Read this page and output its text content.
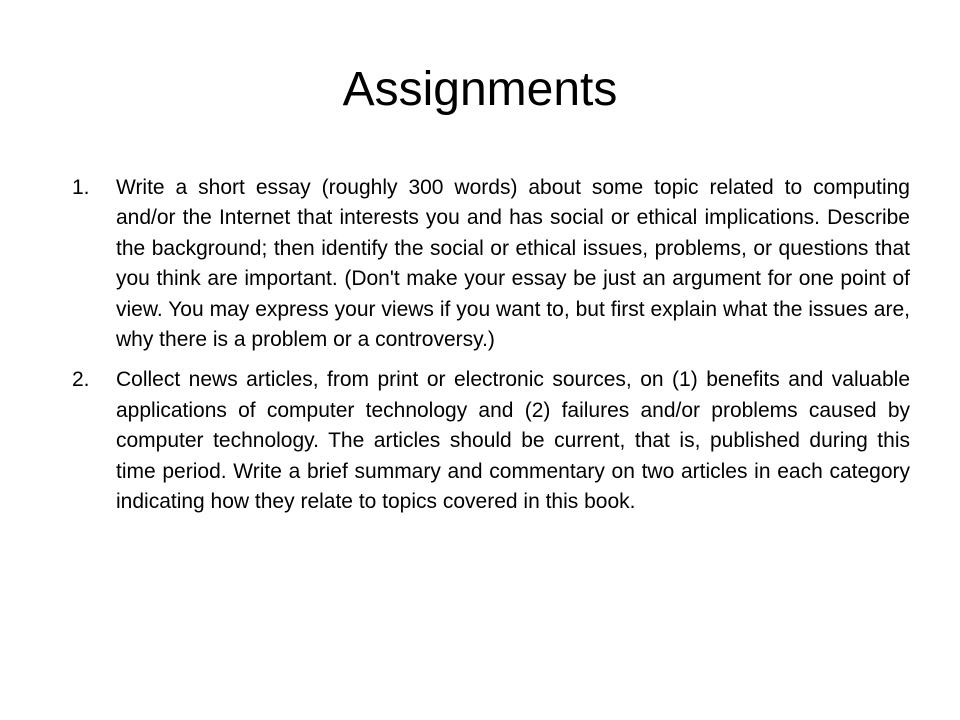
Assignments
1.	Write a short essay (roughly 300 words) about some topic related to computing and/or the Internet that interests you and has social or ethical implications. Describe the background; then identify the social or ethical issues, problems, or questions that you think are important. (Don't make your essay be just an argument for one point of view. You may express your views if you want to, but first explain what the issues are, why there is a problem or a controversy.)
2.	Collect news articles, from print or electronic sources, on (1) benefits and valuable applications of computer technology and (2) failures and/or problems caused by computer technology. The articles should be current, that is, published during this time period. Write a brief summary and commentary on two articles in each category indicating how they relate to topics covered in this book.
